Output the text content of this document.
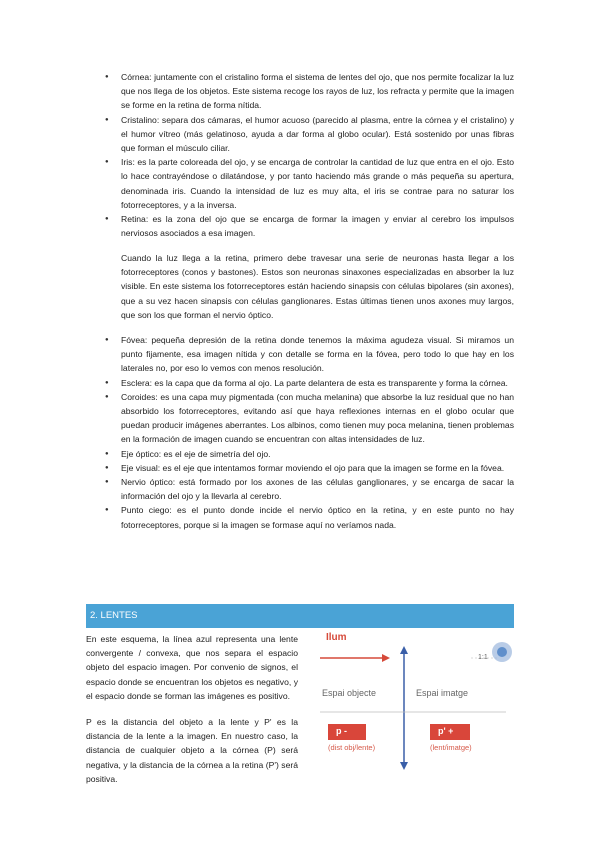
● Córnea: juntamente con el cristalino forma el sistema de lentes del ojo, que nos permite focalizar la luz que nos llega de los objetos. Este sistema recoge los rayos de luz, los refracta y permite que la imagen se forme en la retina de forma nítida.
● Cristalino: separa dos cámaras, el humor acuoso (parecido al plasma, entre la córnea y el cristalino) y el humor vítreo (más gelatinoso, ayuda a dar forma al globo ocular). Está sostenido por unas fibras que forman el músculo ciliar.
● Iris: es la parte coloreada del ojo, y se encarga de controlar la cantidad de luz que entra en el ojo. Esto lo hace contrayéndose o dilatándose, y por tanto haciendo más grande o más pequeña su apertura, denominada iris. Cuando la intensidad de luz es muy alta, el iris se contrae para no saturar los fotorreceptores, y a la inversa.
● Retina: es la zona del ojo que se encarga de formar la imagen y enviar al cerebro los impulsos nerviosos asociados a esa imagen.

Cuando la luz llega a la retina, primero debe travesar una serie de neuronas hasta llegar a los fotorreceptores (conos y bastones). Estos son neuronas sinaxones especializadas en absorber la luz visible. En este sistema los fotorreceptores están haciendo sinapsis con células bipolares (sin axones), que a su vez hacen sinapsis con células ganglionares. Estas últimas tienen unos axones muy largos, que son los que forman el nervio óptico.

● Fóvea: pequeña depresión de la retina donde tenemos la máxima agudeza visual. Si miramos un punto fijamente, esa imagen nítida y con detalle se forma en la fóvea, pero todo lo que hay en los laterales no, por eso lo vemos con menos resolución.
● Esclera: es la capa que da forma al ojo. La parte delantera de esta es transparente y forma la córnea.
● Coroides: es una capa muy pigmentada (con mucha melanina) que absorbe la luz residual que no han absorbido los fotorreceptores, evitando así que haya reflexiones internas en el globo ocular que puedan producir imágenes aberrantes. Los albinos, como tienen muy poca melanina, tienen problemas en la formación de imagen cuando se encuentran con altas intensidades de luz.
● Eje óptico: es el eje de simetría del ojo.
● Eje visual: es el eje que intentamos formar moviendo el ojo para que la imagen se forme en la fóvea.
● Nervio óptico: está formado por los axones de las células ganglionares, y se encarga de sacar la información del ojo y la llevarla al cerebro.
● Punto ciego: es el punto donde incide el nervio óptico en la retina, y en este punto no hay fotorreceptores, porque si la imagen se formase aquí no veríamos nada.
2. LENTES

En este esquema, la línea azul representa una lente convergente / convexa, que nos separa el espacio objeto del espacio imagen. Por convenio de signos, el espacio donde se encuentran los objetos es negativo, y el espacio donde se forman las imágenes es positivo.

P es la distancia del objeto a la lente y P' es la distancia de la lente a la imagen. En nuestro caso, la distancia de cualquier objeto a la córnea (P) será negativa, y la distancia de la córnea a la retina (P') será positiva.

Ilum
1:1
Espai objecte	Espai imatge
p -	p' +
(dist obj/lente)	(lent/imatge)
